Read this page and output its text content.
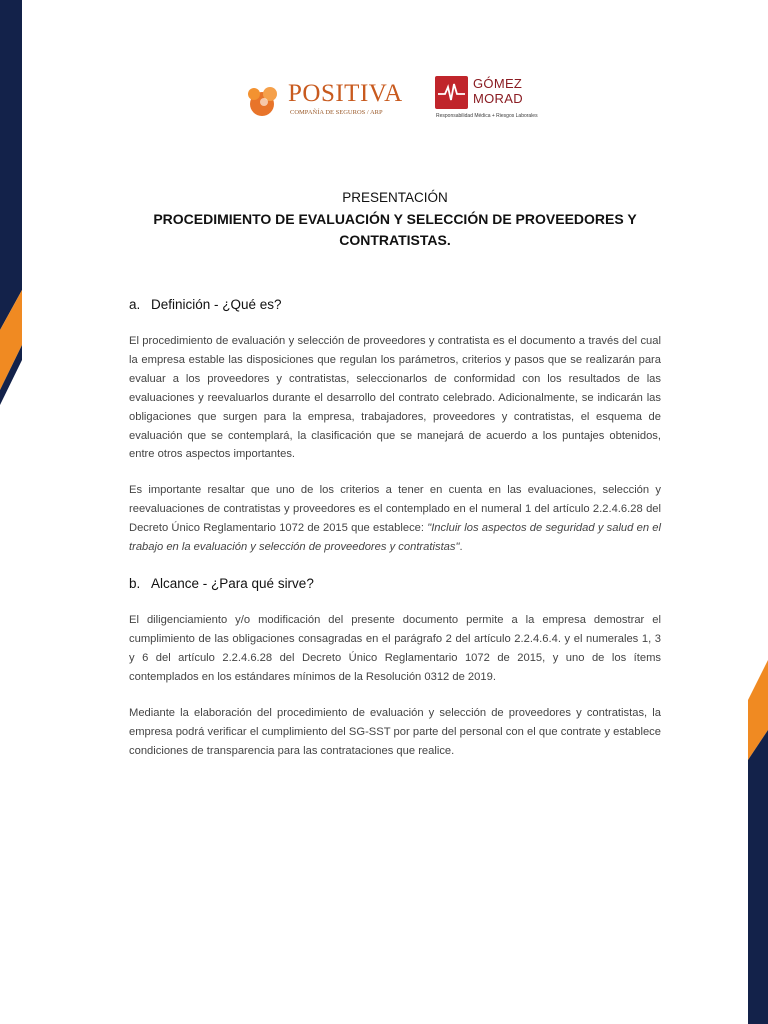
POSITIVA
COMPAÑÍA DE SEGUROS / ARP
GÓMEZ
MORAD
Responsabilidad Médica + Riesgos Laborales

PRESENTACIÓN

PROCEDIMIENTO DE EVALUACIÓN Y SELECCIÓN DE PROVEEDORES Y
CONTRATISTAS.

a. Definición - ¿Qué es?

El procedimiento de evaluación y selección de proveedores y contratista es el documento a través del cual la empresa estable las disposiciones que regulan los parámetros, criterios y pasos que se realizarán para evaluar a los proveedores y contratistas, seleccionarlos de conformidad con los resultados de las evaluaciones y reevaluarlos durante el desarrollo del contrato celebrado. Adicionalmente, se indicarán las obligaciones que surgen para la empresa, trabajadores, proveedores y contratistas, el esquema de evaluación que se contemplará, la clasificación que se manejará de acuerdo a los puntajes obtenidos, entre otros aspectos importantes.

Es importante resaltar que uno de los criterios a tener en cuenta en las evaluaciones, selección y reevaluaciones de contratistas y proveedores es el contemplado en el numeral 1 del artículo 2.2.4.6.28 del Decreto Único Reglamentario 1072 de 2015 que establece: "Incluir los aspectos de seguridad y salud en el trabajo en la evaluación y selección de proveedores y contratistas".

b. Alcance - ¿Para qué sirve?

El diligenciamiento y/o modificación del presente documento permite a la empresa demostrar el cumplimiento de las obligaciones consagradas en el parágrafo 2 del artículo 2.2.4.6.4. y el numerales 1, 3 y 6 del artículo 2.2.4.6.28 del Decreto Único Reglamentario 1072 de 2015, y uno de los ítems contemplados en los estándares mínimos de la Resolución 0312 de 2019.

Mediante la elaboración del procedimiento de evaluación y selección de proveedores y contratistas, la empresa podrá verificar el cumplimiento del SG-SST por parte del personal con el que contrate y establece condiciones de transparencia para las contrataciones que realice.
